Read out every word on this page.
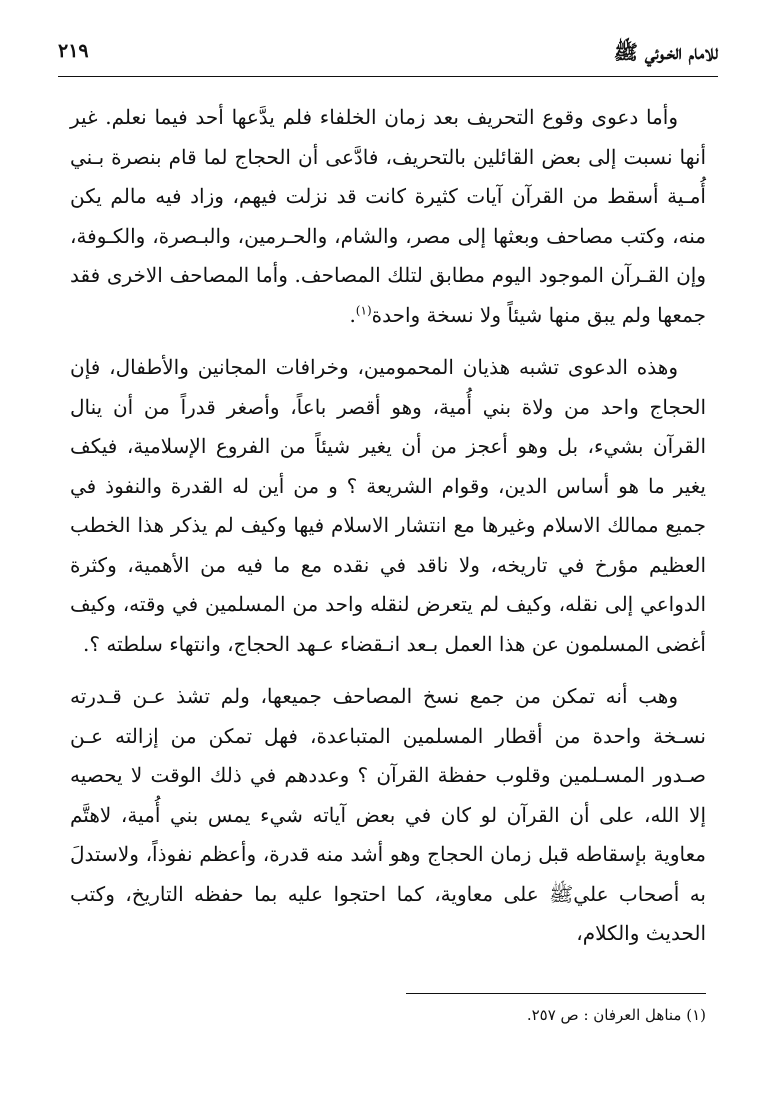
للامام الخـوئي ﷺ
٢١٩

وأما دعوى وقوع التحريف بعد زمان الخلفاء فلم يدَّعها أحد فيما نعلم. غير أنها نسبت إلى بعض القائلين بالتحريف، فادَّعى أن الحجاج لما قام بنصرة بـني أُمـية أسقط من القرآن آيات كثيرة كانت قد نزلت فيهم، وزاد فيه مالم يكن منه، وكتب مصاحف وبعثها إلى مصر، والشام، والحـرمين، والبـصرة، والكـوفة، وإن القـرآن الموجود اليوم مطابق لتلك المصاحف. وأما المصاحف الاخرى فقد جمعها ولم يبق منها شيئاً ولا نسخة واحدة$^{(١)}$.

وهذه الدعوى تشبه هذيان المحمومين، وخرافات المجانين والأطفال، فإن الحجاج واحد من ولاة بني أُمية، وهو أقصر باعاً، وأصغر قدراً من أن ينال القرآن بشيء، بل وهو أعجز من أن يغير شيئاً من الفروع الإسلامية، فيكف يغير ما هو أساس الدين، وقوام الشريعة ؟ و من أين له القدرة والنفوذ في جميع ممالك الاسلام وغيرها مع انتشار الاسلام فيها وكيف لم يذكر هذا الخطب العظيم مؤرخ في تاريخه، ولا ناقد في نقده مع ما فيه من الأهمية، وكثرة الدواعي إلى نقله، وكيف لم يتعرض لنقله واحد من المسلمين في وقته، وكيف أغضى المسلمون عن هذا العمل بـعد انـقضاء عـهد الحجاج، وانتهاء سلطته ؟.

وهب أنه تمكن من جمع نسخ المصاحف جميعها، ولم تشذ عـن قـدرته نسـخة واحدة من أقطار المسلمين المتباعدة، فهل تمكن من إزالته عـن صـدور المسـلمين وقلوب حفظة القرآن ؟ وعددهم في ذلك الوقت لا يحصيه إلا الله، على أن القرآن لو كان في بعض آياته شيء يمس بني أُمية، لاهتَّم معاوية بإسقاطه قبل زمان الحجاج وهو أشد منه قدرة، وأعظم نفوذاً، ولاستدلَ به أصحاب عليﷺ على معاوية، كما احتجوا عليه بما حفظه التاريخ، وكتب الحديث والكلام،

(١) مناهل العرفان : ص ٢٥٧.
